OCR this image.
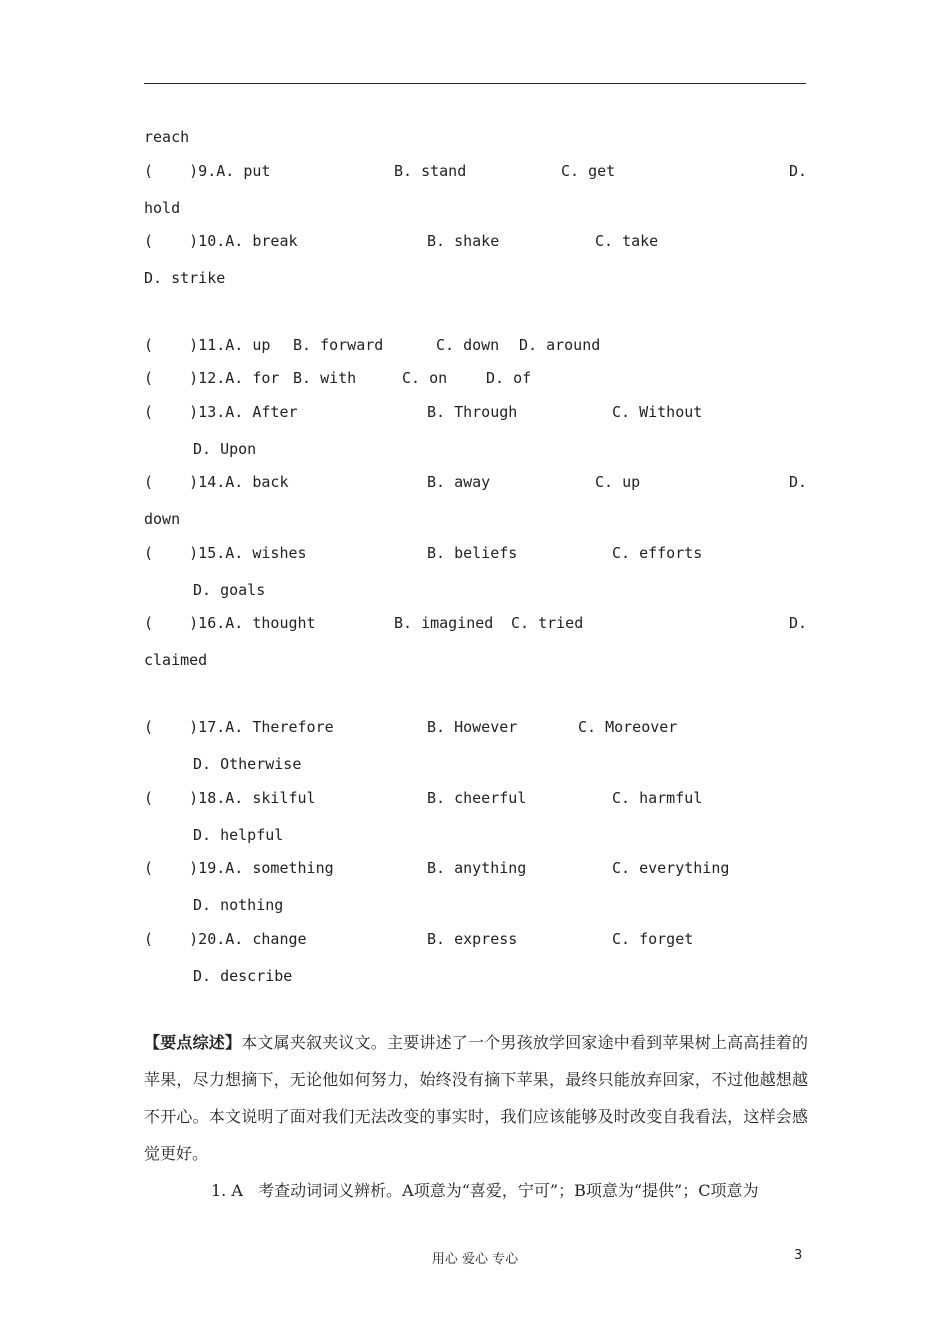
reach
(    )9.A. put	B. stand	C. get	D.
hold
(    )10.A. break	B. shake	C. take
D. strike
(    )11.A. up B. forward	C. down D. around
(    )12.A. for B. with	C. on	D. of
(    )13.A. After	B. Through	C. Without
D. Upon
(    )14.A. back	B. away	C. up	D.
down
(    )15.A. wishes	B. beliefs	C. efforts
D. goals
(    )16.A. thought	B. imagined C. tried	D.
claimed
(    )17.A. Therefore	B. However	C. Moreover
D. Otherwise
(    )18.A. skilful	B. cheerful	C. harmful
D. helpful
(    )19.A. something	B. anything	C. everything
D. nothing
(    )20.A. change	B. express	C. forget
D. describe
【要点综述】本文属夹叙夹议文。主要讲述了一个男孩放学回家途中看到苹果树上高高挂着的苹果，尽力想摘下，无论他如何努力，始终没有摘下苹果，最终只能放弃回家，不过他越想越不开心。本文说明了面对我们无法改变的事实时，我们应该能够及时改变自我看法，这样会感觉更好。
1. A   考查动词词义辨析。A项意为“喜爱，宁可”；B项意为“提供”；C项意为
用心 爱心 专心	3
